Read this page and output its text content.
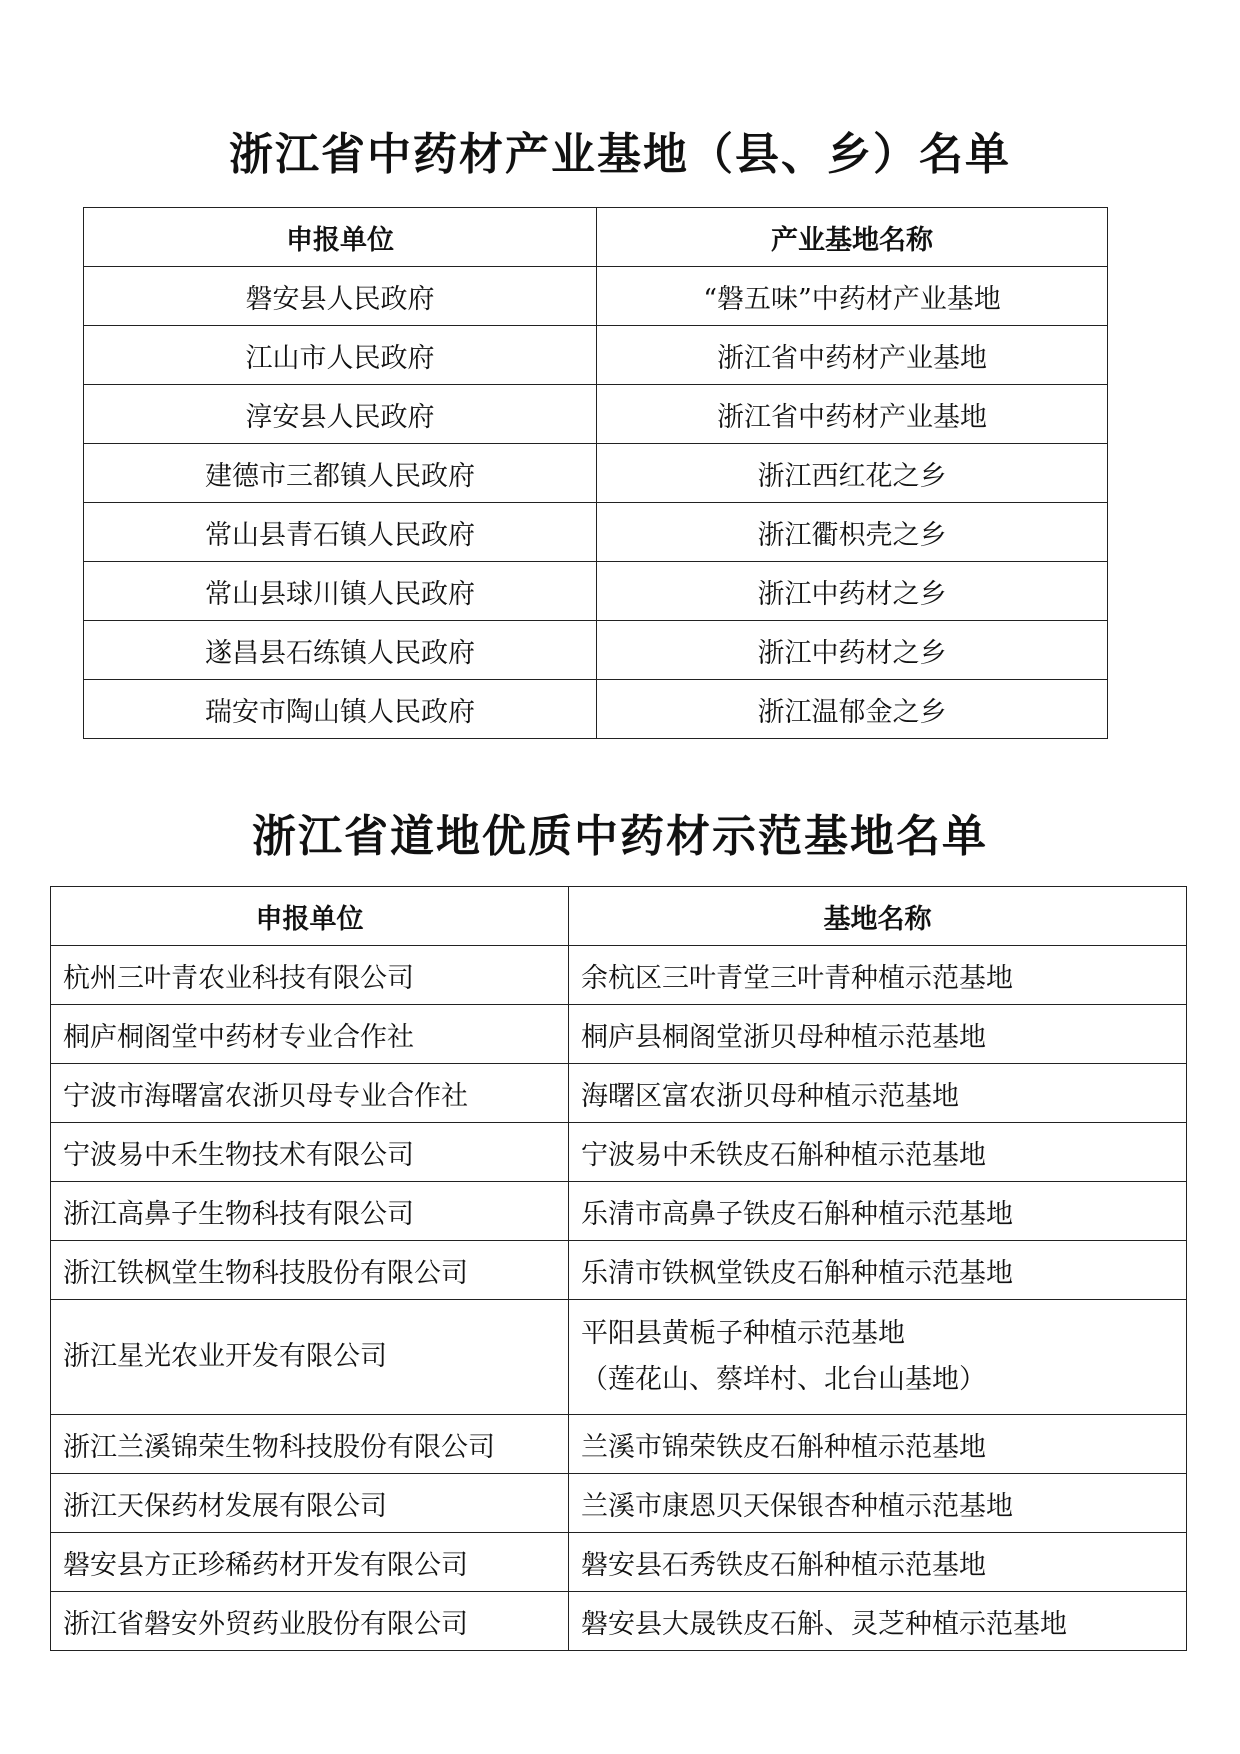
浙江省中药材产业基地（县、乡）名单
申报单位	产业基地名称
磐安县人民政府	“磐五味”中药材产业基地
江山市人民政府	浙江省中药材产业基地
淳安县人民政府	浙江省中药材产业基地
建德市三都镇人民政府	浙江西红花之乡
常山县青石镇人民政府	浙江衢枳壳之乡
常山县球川镇人民政府	浙江中药材之乡
遂昌县石练镇人民政府	浙江中药材之乡
瑞安市陶山镇人民政府	浙江温郁金之乡
浙江省道地优质中药材示范基地名单
申报单位	基地名称
杭州三叶青农业科技有限公司	余杭区三叶青堂三叶青种植示范基地
桐庐桐阁堂中药材专业合作社	桐庐县桐阁堂浙贝母种植示范基地
宁波市海曙富农浙贝母专业合作社	海曙区富农浙贝母种植示范基地
宁波易中禾生物技术有限公司	宁波易中禾铁皮石斛种植示范基地
浙江高鼻子生物科技有限公司	乐清市高鼻子铁皮石斛种植示范基地
浙江铁枫堂生物科技股份有限公司	乐清市铁枫堂铁皮石斛种植示范基地
浙江星光农业开发有限公司	平阳县黄栀子种植示范基地
（莲花山、蔡垟村、北台山基地）

浙江兰溪锦荣生物科技股份有限公司	兰溪市锦荣铁皮石斛种植示范基地
浙江天保药材发展有限公司	兰溪市康恩贝天保银杏种植示范基地
磐安县方正珍稀药材开发有限公司	磐安县石秀铁皮石斛种植示范基地
浙江省磐安外贸药业股份有限公司	磐安县大晟铁皮石斛、灵芝种植示范基地
